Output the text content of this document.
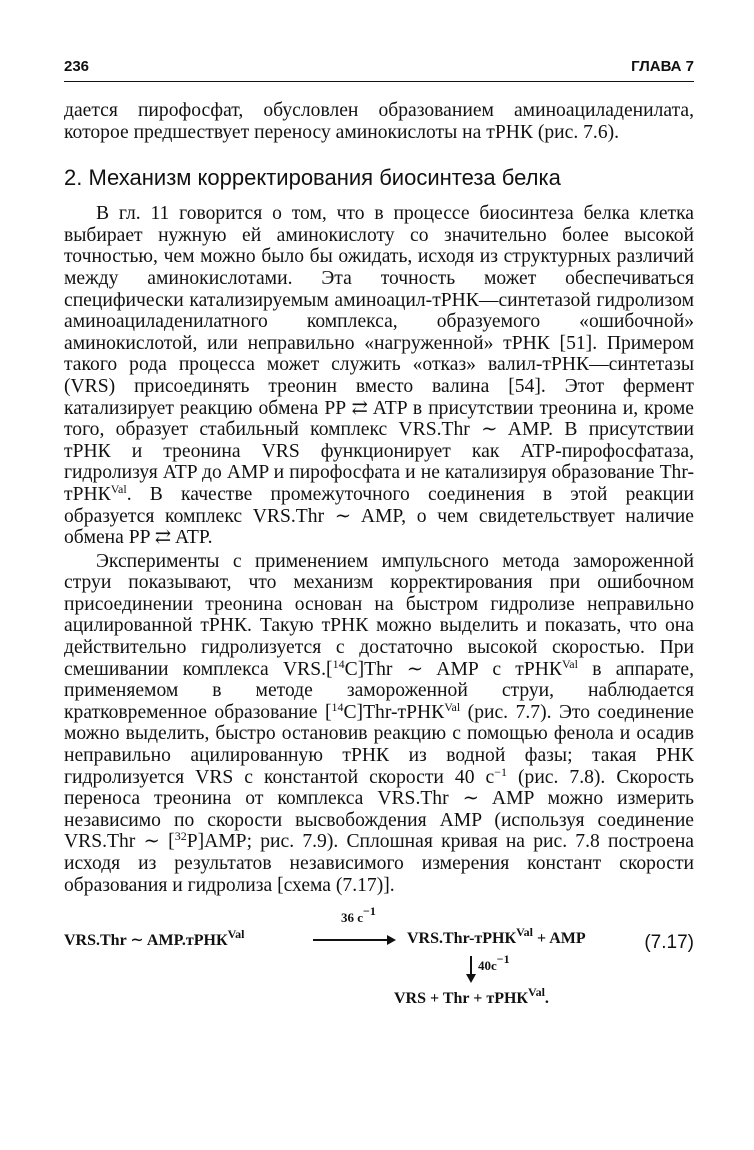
236	ГЛАВА 7

дается пирофосфат, обусловлен образованием аминоациладенилата, которое предшествует переносу аминокислоты на тРНК (рис. 7.6).

2. Механизм корректирования биосинтеза белка

В гл. 11 говорится о том, что в процессе биосинтеза белка клетка выбирает нужную ей аминокислоту со значительно более высокой точностью, чем можно было бы ожидать, исходя из структурных различий между аминокислотами. Эта точность может обеспечиваться специфически катализируемым аминоацил-тРНК—синтетазой гидролизом аминоациладенилатного комплекса, образуемого «ошибочной» аминокислотой, или неправильно «нагруженной» тРНК [51]. Примером такого рода процесса может служить «отказ» валил-тРНК—синтетазы (VRS) присоединять треонин вместо валина [54]. Этот фермент катализирует реакцию обмена PP ⇄ ATP в присутствии треонина и, кроме того, образует стабильный комплекс VRS.Thr ∼ AMP. В присутствии тРНК и треонина VRS функционирует как ATP-пирофосфатаза, гидролизуя ATP до AMP и пирофосфата и не катализируя образование Thr-тРНК$^{Val}$. В качестве промежуточного соединения в этой реакции образуется комплекс VRS.Thr ∼ AMP, о чем свидетельствует наличие обмена PP ⇄ ATP.

Эксперименты с применением импульсного метода замороженной струи показывают, что механизм корректирования при ошибочном присоединении треонина основан на быстром гидролизе неправильно ацилированной тРНК. Такую тРНК можно выделить и показать, что она действительно гидролизуется с достаточно высокой скоростью. При смешивании комплекса VRS.[$^{14}$C]Thr ∼ AMP с тРНК$^{Val}$ в аппарате, применяемом в методе замороженной струи, наблюдается кратковременное образование [$^{14}$C]Thr-тРНК$^{Val}$ (рис. 7.7). Это соединение можно выделить, быстро остановив реакцию с помощью фенола и осадив неправильно ацилированную тРНК из водной фазы; такая РНК гидролизуется VRS с константой скорости 40 $с^{-1}$ (рис. 7.8). Скорость переноса треонина от комплекса VRS.Thr ∼ AMP можно измерить независимо по скорости высвобождения AMP (используя соединение VRS.Thr ∼ [$^{32}$P]AMP; рис. 7.9). Сплошная кривая на рис. 7.8 построена исходя из результатов независимого измерения констант скорости образования и гидролиза [схема (7.17)].

VRS.Thr ∼ AMP.тРНК$^{Val}$
36 $с^{-1}$
VRS.Thr-тРНК$^{Val}$ + AMP	(7.17)
$40с^{-1}$
VRS + Thr + тРНК$^{Val}$.
